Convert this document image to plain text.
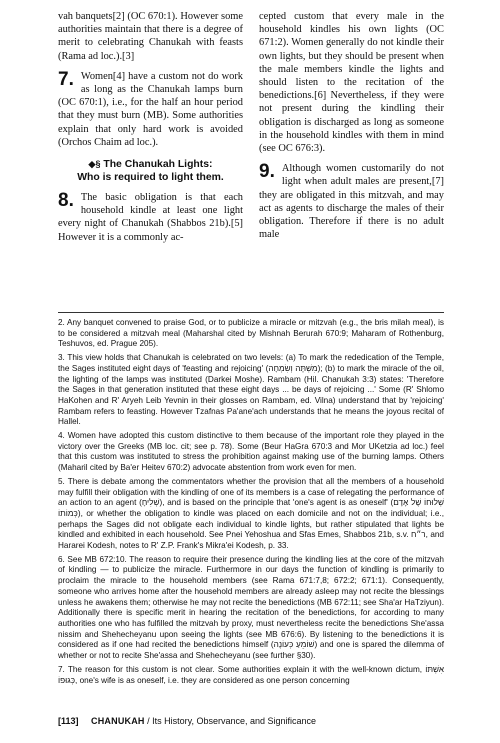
vah banquets[2] (OC 670:1). However some authorities maintain that there is a degree of merit to celebrating Chanukah with feasts (Rama ad loc.).[3]

7. Women[4] have a custom not do work as long as the Chanukah lamps burn (OC 670:1), i.e., for the half an hour period that they must burn (MB). Some authorities explain that only hard work is avoided (Orchos Chaim ad loc.).
◆§ The Chanukah Lights:
Who is required to light them.
8. The basic obligation is that each household kindle at least one light every night of Chanukah (Shabbos 21b).[5] However it is a commonly ac-

cepted custom that every male in the household kindles his own lights (OC 671:2). Women generally do not kindle their own lights, but they should be present when the male members kindle the lights and should listen to the recitation of the benedictions.[6] Nevertheless, if they were not present during the kindling their obligation is discharged as long as someone in the household kindles with them in mind (see OC 676:3).

9. Although women customarily do not light when adult males are present,[7] they are obligated in this mitzvah, and may act as agents to discharge the males of their obligation. Therefore if there is no adult male

2. Any banquet convened to praise God, or to publicize a miracle or mitzvah (e.g., the bris milah meal), is to be considered a mitzvah meal (Maharshal cited by Mishnah Berurah 670:9; Maharam of Rothenburg, Teshuvos, ed. Prague 205).

3. This view holds that Chanukah is celebrated on two levels: (a) To mark the rededication of the Temple, the Sages instituted eight days of 'feasting and rejoicing' (מִשְׁתֶּה וְשִׂמְחָה); (b) to mark the miracle of the oil, the lighting of the lamps was instituted (Darkei Moshe). Rambam (Hil. Chanukah 3:3) states: 'Therefore the Sages in that generation instituted that these eight days ... be days of rejoicing ...' Some (R' Shlomo HaKohen and R' Aryeh Leib Yevnin in their glosses on Rambam, ed. Vilna) understand that by 'rejoicing' Rambam refers to feasting. However Tzafnas Pa'ane'ach understands that he means the joyous recital of Hallel.

4. Women have adopted this custom distinctive to them because of the important role they played in the victory over the Greeks (MB loc. cit; see p. 78). Some (Beur HaGra 670:3 and Mor UKetzia ad loc.) feel that this custom was instituted to stress the prohibition against making use of the burning lamps. Others (Maharil cited by Ba'er Heitev 670:2) advocate abstention from work even for men.

5. There is debate among the commentators whether the provision that all the members of a household may fulfill their obligation with the kindling of one of its members is a case of relegating the performance of an action to an agent (שְׁלִיחָ), and is based on the principle that 'one's agent is as oneself' (שְׁלוּחוֹ שֶׁל אָדָם כְּמוֹתוֹ), or whether the obligation to kindle was placed on each domicile and not on the individual; i.e., perhaps the Sages did not obligate each individual to kindle lights, but rather stipulated that lights be kindled and exhibited in each household. See Pnei Yehoshua and Sfas Emes, Shabbos 21b, s.v. ר״ח, and Hararei Kodesh, notes to R' Z.P. Frank's Mikra'ei Kodesh, p. 33.

6. See MB 672:10. The reason to require their presence during the kindling lies at the core of the mitzvah of kindling — to publicize the miracle. Furthermore in our days the function of kindling is primarily to proclaim the miracle to the household members (see Rama 671:7,8; 672:2; 671:1). Consequently, someone who arrives home after the household members are already asleep may not recite the blessings unless he awakens them; otherwise he may not recite the benedictions (MB 672:11; see Sha'ar HaTziyun). Additionally there is specific merit in hearing the recitation of the benedictions, for according to many authorities one who has fulfilled the mitzvah by proxy, must nevertheless recite the benedictions She'assa nissim and Shehecheyanu upon seeing the lights (see MB 676:6). By listening to the benedictions it is considered as if one had recited the benedictions himself (שׁוֹמֵעַ כְּעוֹנֶה) and one is spared the dilemma of whether or not to recite She'assa and Shehecheyanu (see further §30).

7. The reason for this custom is not clear. Some authorities explain it with the well-known dictum, אִשְׁתּוֹ כְּגוּפוֹ, one's wife is as oneself, i.e. they are considered as one person concerning

[113] CHANUKAH / Its History, Observance, and Significance
